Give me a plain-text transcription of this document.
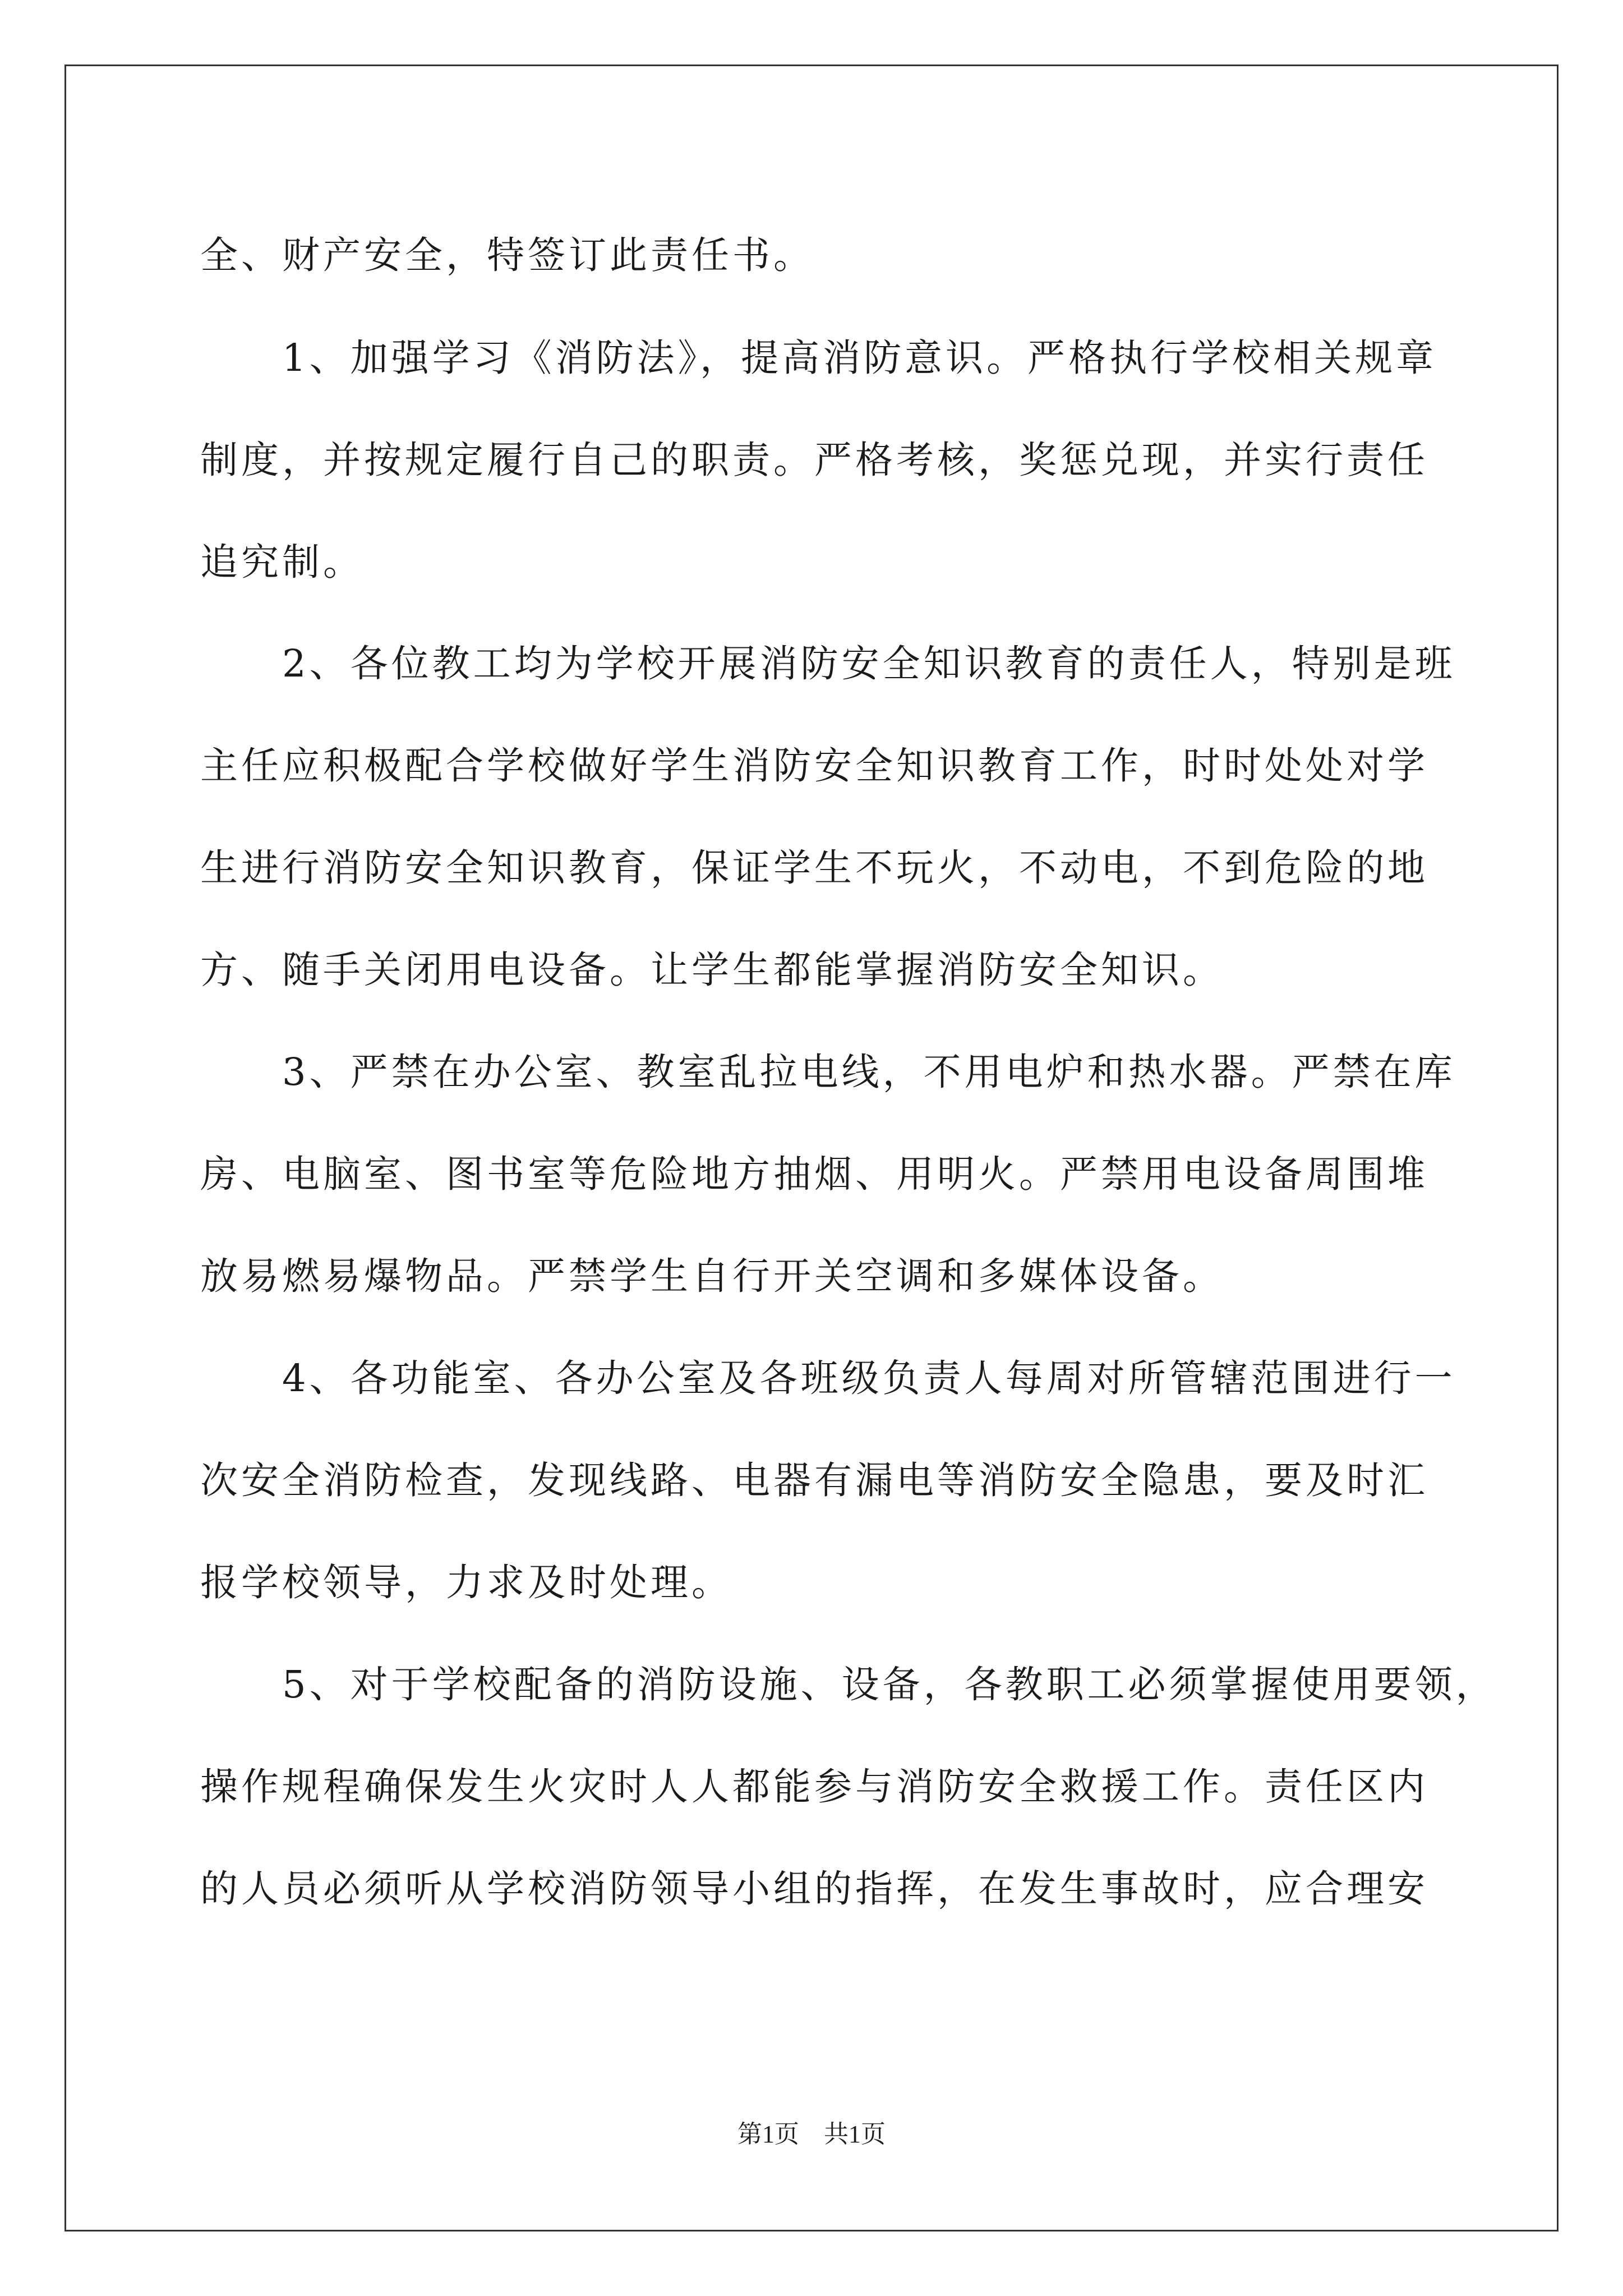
全、财产安全，特签订此责任书。
　　1、加强学习《消防法》，提高消防意识。严格执行学校相关规章
制度，并按规定履行自己的职责。严格考核，奖惩兑现，并实行责任
追究制。
　　2、各位教工均为学校开展消防安全知识教育的责任人，特别是班
主任应积极配合学校做好学生消防安全知识教育工作，时时处处对学
生进行消防安全知识教育，保证学生不玩火，不动电，不到危险的地
方、随手关闭用电设备。让学生都能掌握消防安全知识。
　　3、严禁在办公室、教室乱拉电线，不用电炉和热水器。严禁在库
房、电脑室、图书室等危险地方抽烟、用明火。严禁用电设备周围堆
放易燃易爆物品。严禁学生自行开关空调和多媒体设备。
　　4、各功能室、各办公室及各班级负责人每周对所管辖范围进行一
次安全消防检查，发现线路、电器有漏电等消防安全隐患，要及时汇
报学校领导，力求及时处理。
　　5、对于学校配备的消防设施、设备，各教职工必须掌握使用要领，
操作规程确保发生火灾时人人都能参与消防安全救援工作。责任区内
的人员必须听从学校消防领导小组的指挥，在发生事故时，应合理安
第1页　共1页
